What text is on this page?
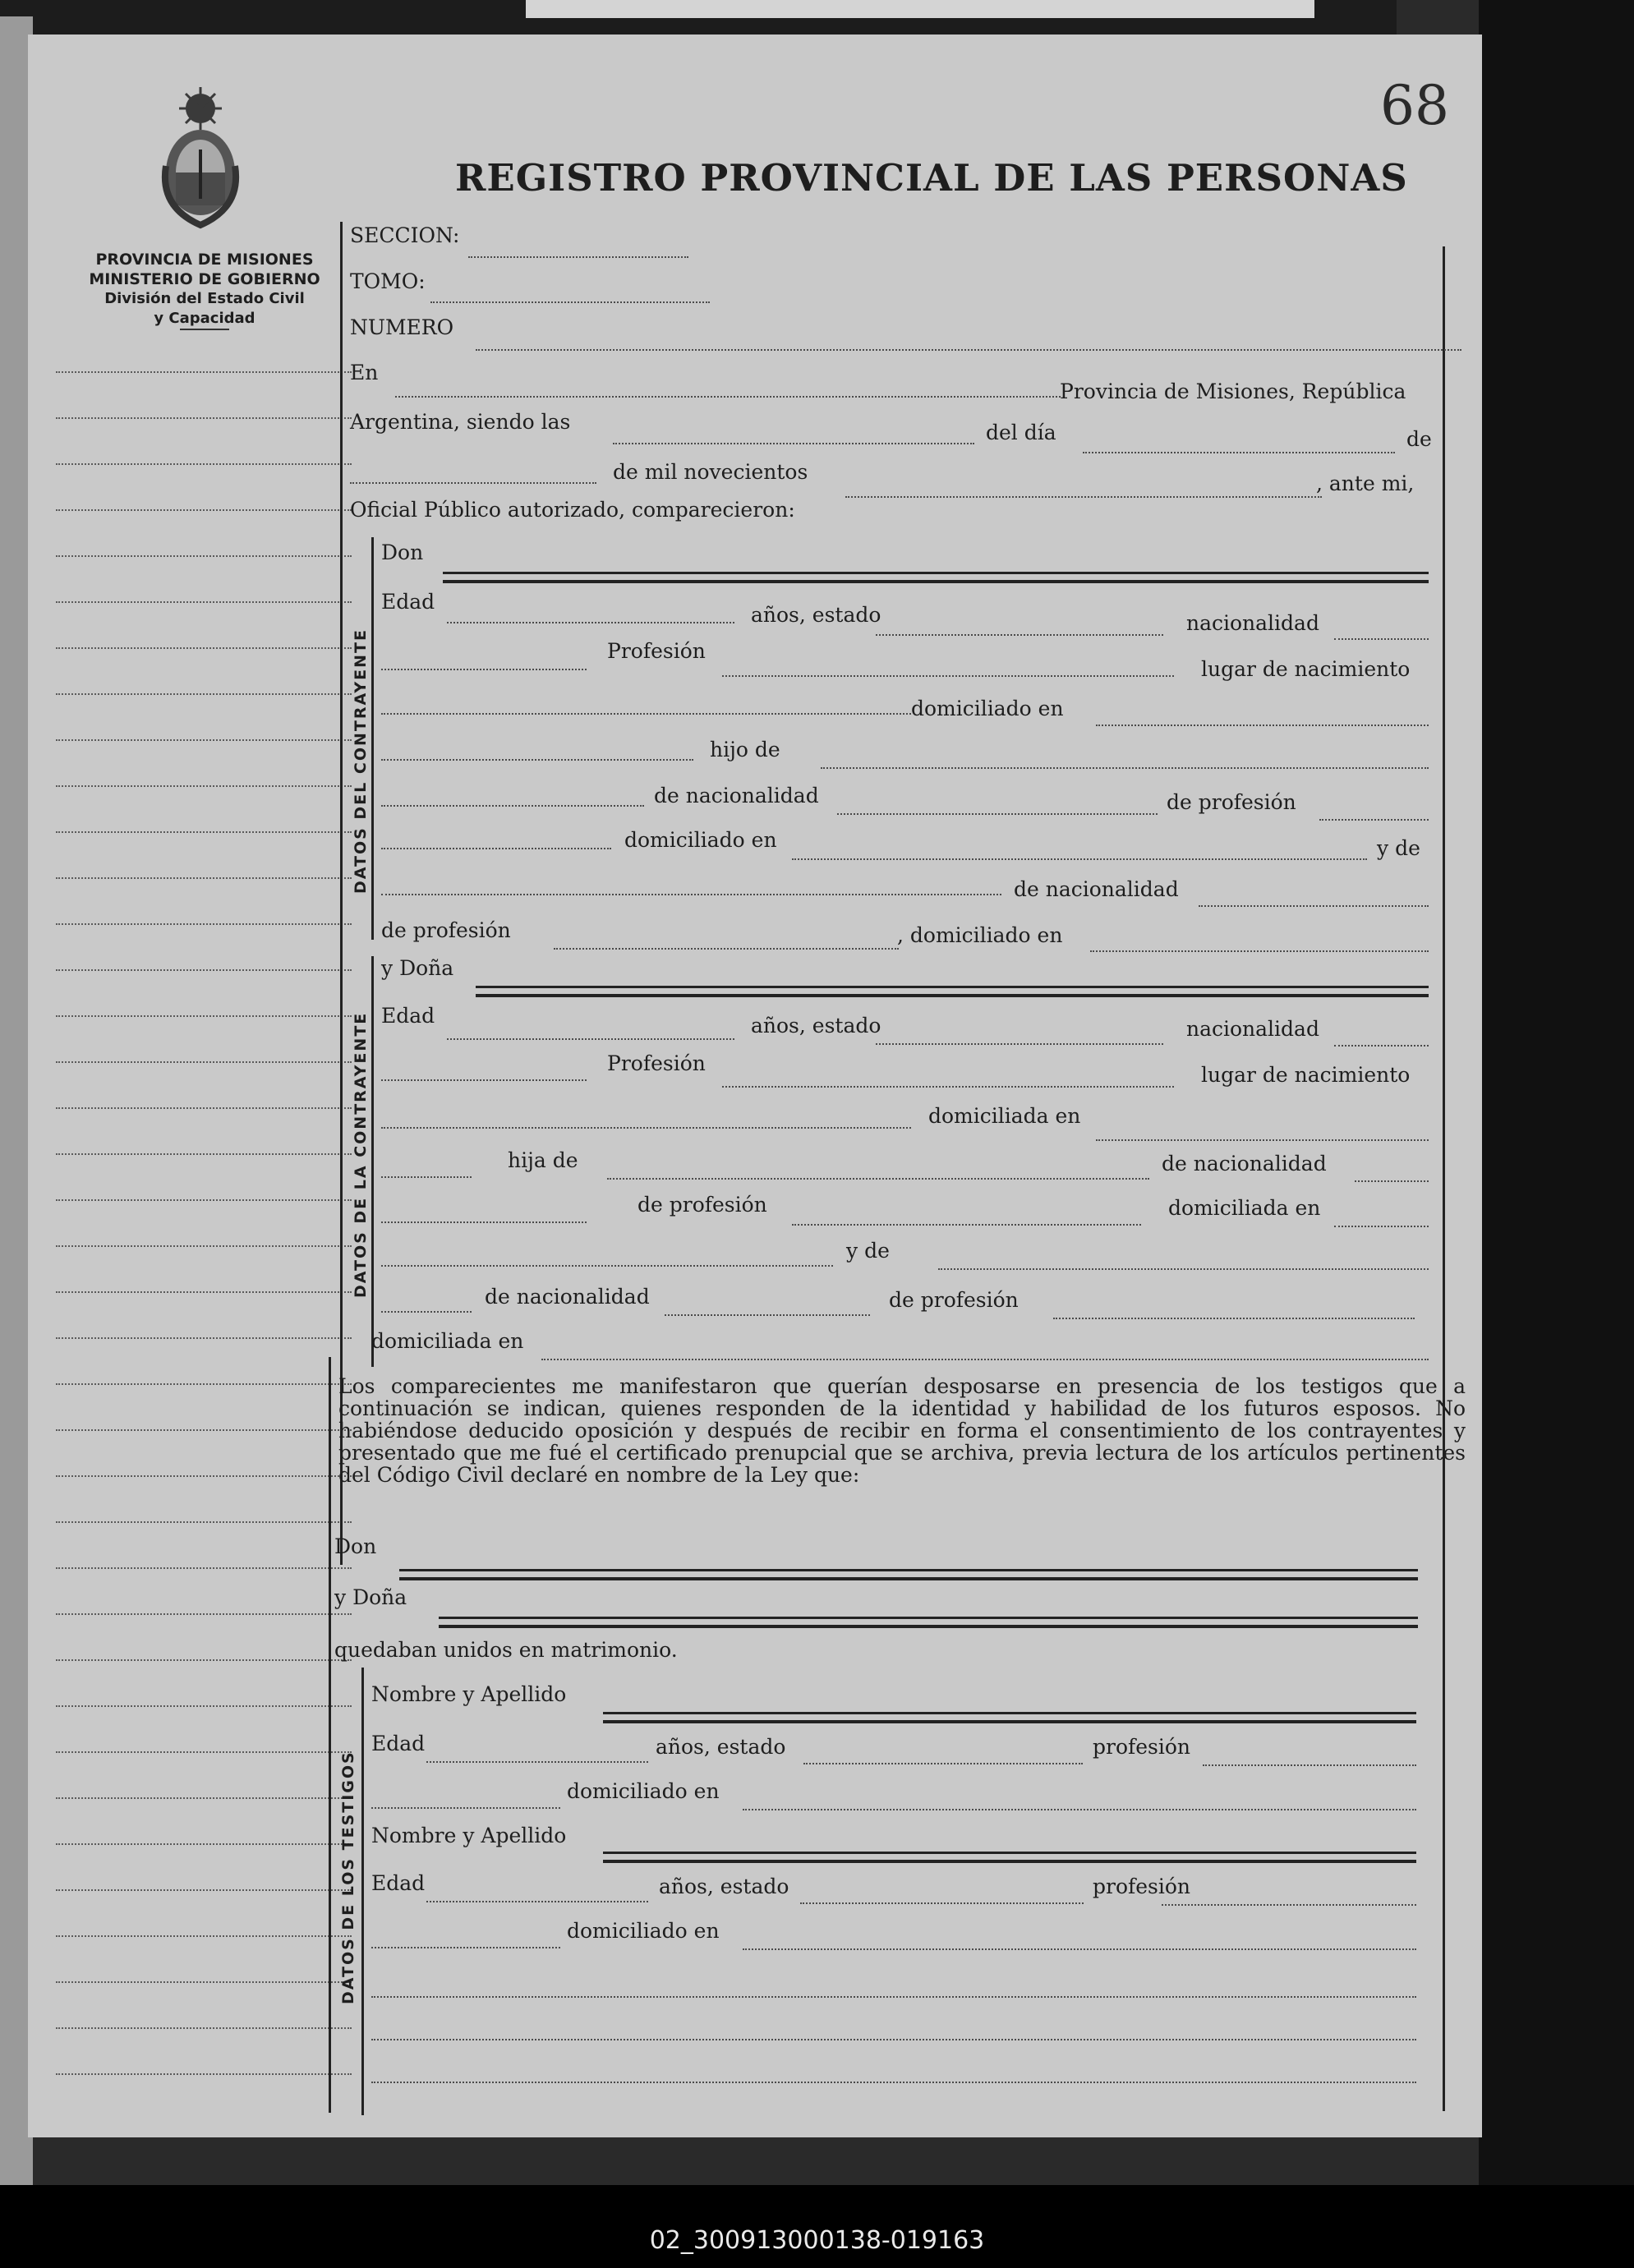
68
PROVINCIA DE MISIONES
MINISTERIO DE GOBIERNO
División del Estado Civil
y Capacidad
REGISTRO PROVINCIAL DE LAS PERSONAS
DATOS DEL CONTRAYENTE
DATOS DE LA CONTRAYENTE
DATOS DE LOS TESTIGOS
SECCION:
TOMO:
NUMERO
En
Provincia de Misiones, República
Argentina, siendo las	del día	de
de mil novecientos	, ante mi,
Oficial Público autorizado, comparecieron:
Don
Edad
años, estado	nacionalidad
Profesión
lugar de nacimiento
domiciliado en
hijo de
de nacionalidad	de profesión
domiciliado en	y de
de nacionalidad
de profesión	, domiciliado en
y Doña
Edad	años, estado	nacionalidad
Profesión	lugar de nacimiento
domiciliada en
hija de	de nacionalidad
de profesión	domiciliada en
y de
de nacionalidad	de profesión
domiciliada en
Los comparecientes me manifestaron que querían desposarse en presencia de los testigos que a continuación se indican, quienes responden de la identidad y habilidad de los futuros esposos. No habiéndose deducido oposición y después de recibir en forma el consentimiento de los contrayentes y presentado que me fué el certificado prenupcial que se archiva, previa lectura de los artículos pertinentes del Código Civil declaré en nombre de la Ley que:
Don
y Doña
quedaban unidos en matrimonio.
Nombre y Apellido
Edad	años, estado	profesión
domiciliado en
Nombre y Apellido
Edad	años, estado	profesión
domiciliado en
02_300913000138-019163
